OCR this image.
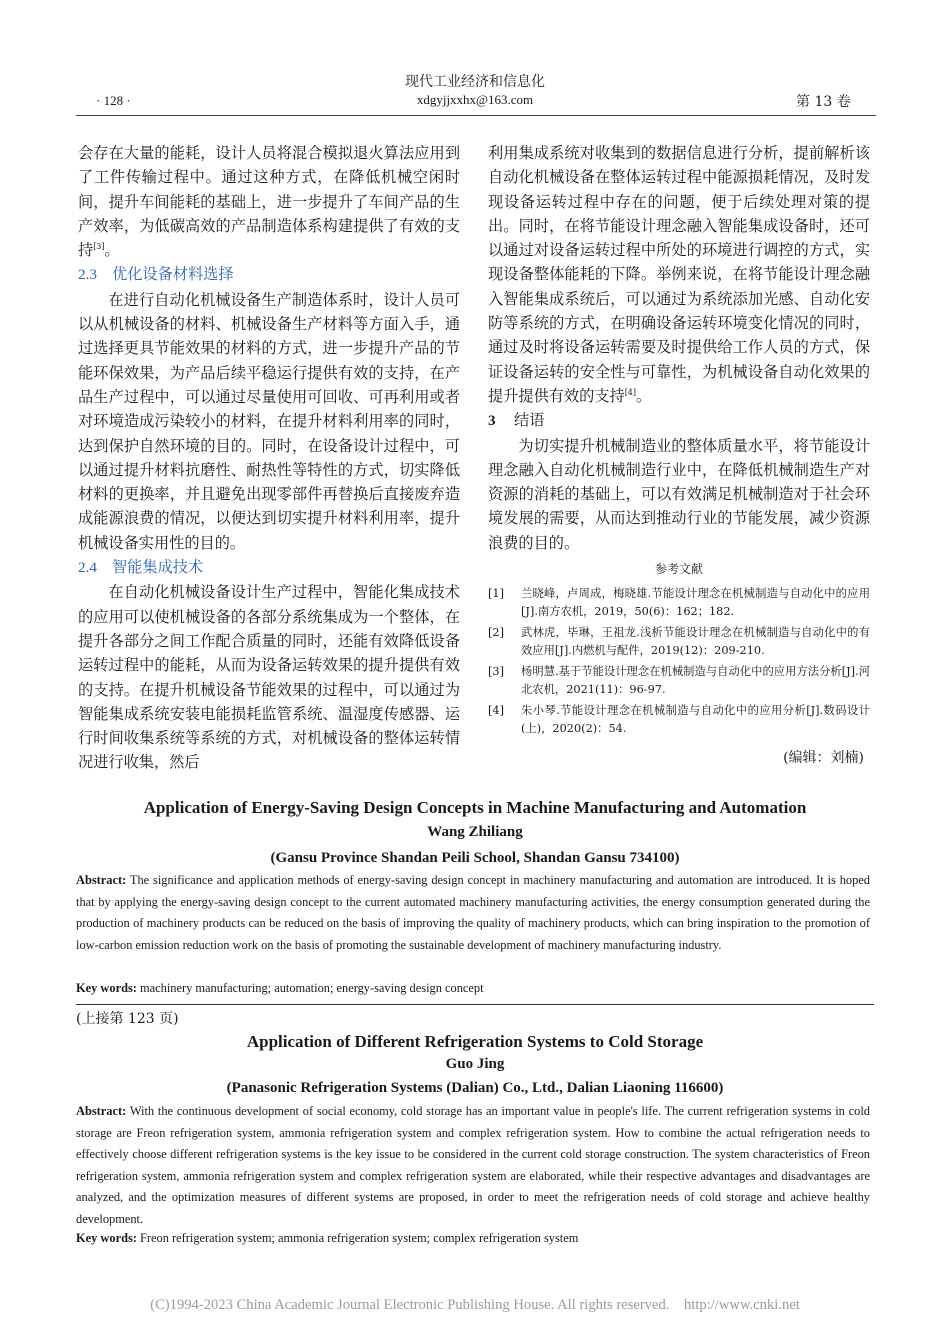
· 128 ·
现代工业经济和信息化
xdgyjjxxhx@163.com	第 13 卷

会存在大量的能耗，设计人员将混合模拟退火算法应用到了工件传输过程中。通过这种方式，在降低机械空闲时间，提升车间能耗的基础上，进一步提升了车间产品的生产效率，为低碳高效的产品制造体系构建提供了有效的支持[3]。

2.3 优化设备材料选择

在进行自动化机械设备生产制造体系时，设计人员可以从机械设备的材料、机械设备生产材料等方面入手，通过选择更具节能效果的材料的方式，进一步提升产品的节能环保效果，为产品后续平稳运行提供有效的支持，在产品生产过程中，可以通过尽量使用可回收、可再利用或者对环境造成污染较小的材料，在提升材料利用率的同时，达到保护自然环境的目的。同时，在设备设计过程中，可以通过提升材料抗磨性、耐热性等特性的方式，切实降低材料的更换率，并且避免出现零部件再替换后直接废弃造成能源浪费的情况，以便达到切实提升材料利用率，提升机械设备实用性的目的。

2.4 智能集成技术

在自动化机械设备设计生产过程中，智能化集成技术的应用可以使机械设备的各部分系统集成为一个整体，在提升各部分之间工作配合质量的同时，还能有效降低设备运转过程中的能耗，从而为设备运转效果的提升提供有效的支持。在提升机械设备节能效果的过程中，可以通过为智能集成系统安装电能损耗监管系统、温湿度传感器、运行时间收集系统等系统的方式，对机械设备的整体运转情况进行收集，然后

利用集成系统对收集到的数据信息进行分析，提前解析该自动化机械设备在整体运转过程中能源损耗情况，及时发现设备运转过程中存在的问题，便于后续处理对策的提出。同时，在将节能设计理念融入智能集成设备时，还可以通过对设备运转过程中所处的环境进行调控的方式，实现设备整体能耗的下降。举例来说，在将节能设计理念融入智能集成系统后，可以通过为系统添加光感、自动化安防等系统的方式，在明确设备运转环境变化情况的同时，通过及时将设备运转需要及时提供给工作人员的方式，保证设备运转的安全性与可靠性，为机械设备自动化效果的提升提供有效的支持[4]。

3 结语

为切实提升机械制造业的整体质量水平，将节能设计理念融入自动化机械制造行业中，在降低机械制造生产对资源的消耗的基础上，可以有效满足机械制造对于社会环境发展的需要，从而达到推动行业的节能发展，减少资源浪费的目的。

参考文献
[1] 兰晓峰，卢周成，梅晓雄.节能设计理念在机械制造与自动化中的应用[J].南方农机，2019，50(6)：162；182.
[2] 武林虎，毕琳，王祖龙.浅析节能设计理念在机械制造与自动化中的有效应用[J].内燃机与配件，2019(12)：209-210.
[3] 杨明慧.基于节能设计理念在机械制造与自动化中的应用方法分析[J].河北农机，2021(11)：96-97.
[4] 朱小琴.节能设计理念在机械制造与自动化中的应用分析[J].数码设计(上)，2020(2)：54.
(编辑：刘楠)
Application of Energy-Saving Design Concepts in Machine Manufacturing and Automation
Wang Zhiliang
(Gansu Province Shandan Peili School, Shandan Gansu 734100)
Abstract: The significance and application methods of energy-saving design concept in machinery manufacturing and automation are introduced. It is hoped that by applying the energy-saving design concept to the current automated machinery manufacturing activities, the energy consumption generated during the production of machinery products can be reduced on the basis of improving the quality of machinery products, which can bring inspiration to the promotion of low-carbon emission reduction work on the basis of promoting the sustainable development of machinery manufacturing industry.
Key words: machinery manufacturing; automation; energy-saving design concept
(上接第 123 页)
Application of Different Refrigeration Systems to Cold Storage
Guo Jing
(Panasonic Refrigeration Systems (Dalian) Co., Ltd., Dalian Liaoning 116600)
Abstract: With the continuous development of social economy, cold storage has an important value in people's life. The current refrigeration systems in cold storage are Freon refrigeration system, ammonia refrigeration system and complex refrigeration system. How to combine the actual refrigeration needs to effectively choose different refrigeration systems is the key issue to be considered in the current cold storage construction. The system characteristics of Freon refrigeration system, ammonia refrigeration system and complex refrigeration system are elaborated, while their respective advantages and disadvantages are analyzed, and the optimization measures of different systems are proposed, in order to meet the refrigeration needs of cold storage and achieve healthy development.
Key words: Freon refrigeration system; ammonia refrigeration system; complex refrigeration system
(C)1994-2023 China Academic Journal Electronic Publishing House. All rights reserved.    http://www.cnki.net
